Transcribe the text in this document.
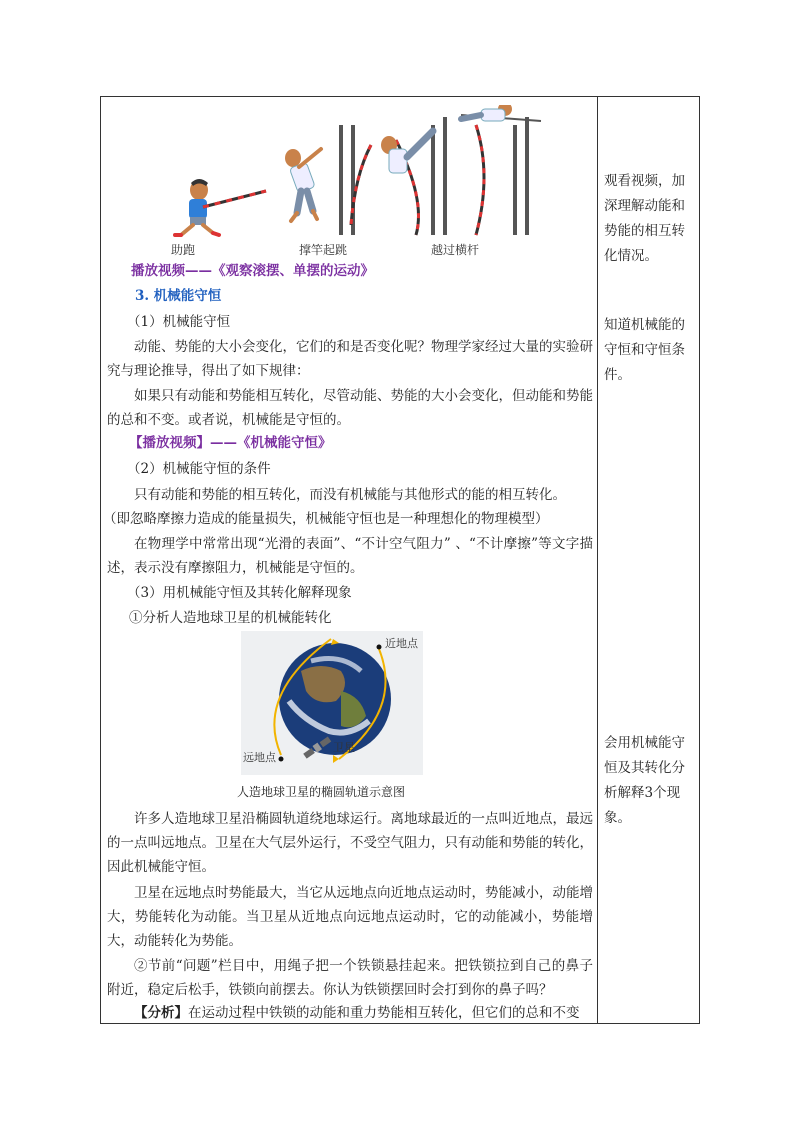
助跑	撑竿起跳	越过横杆
播放视频——《观察滚摆、单摆的运动》
3. 机械能守恒
（1）机械能守恒
动能、势能的大小会变化，它们的和是否变化呢？物理学家经过大量的实验研究与理论推导，得出了如下规律：
如果只有动能和势能相互转化，尽管动能、势能的大小会变化，但动能和势能的总和不变。或者说，机械能是守恒的。
【播放视频】——《机械能守恒》
（2）机械能守恒的条件
只有动能和势能的相互转化，而没有机械能与其他形式的能的相互转化。
（即忽略摩擦力造成的能量损失，机械能守恒也是一种理想化的物理模型）
在物理学中常常出现“光滑的表面”、“不计空气阻力” 、“不计摩擦”等文字描述，表示没有摩擦阻力，机械能是守恒的。
（3）用机械能守恒及其转化解释现象
①分析人造地球卫星的机械能转化
近地点
远地点
卫星
人造地球卫星的椭圆轨道示意图
许多人造地球卫星沿椭圆轨道绕地球运行。离地球最近的一点叫近地点，最远的一点叫远地点。卫星在大气层外运行，不受空气阻力，只有动能和势能的转化，因此机械能守恒。
卫星在远地点时势能最大，当它从远地点向近地点运动时，势能减小，动能增大，势能转化为动能。当卫星从近地点向远地点运动时，它的动能减小，势能增大，动能转化为势能。
②节前“问题”栏目中，用绳子把一个铁锁悬挂起来。把铁锁拉到自己的鼻子附近，稳定后松手，铁锁向前摆去。你认为铁锁摆回时会打到你的鼻子吗？
【分析】在运动过程中铁锁的动能和重力势能相互转化，但它们的总和不变
观看视频，加深理解动能和势能的相互转化情况。
知道机械能的守恒和守恒条件。
会用机械能守恒及其转化分析解释3个现象。
